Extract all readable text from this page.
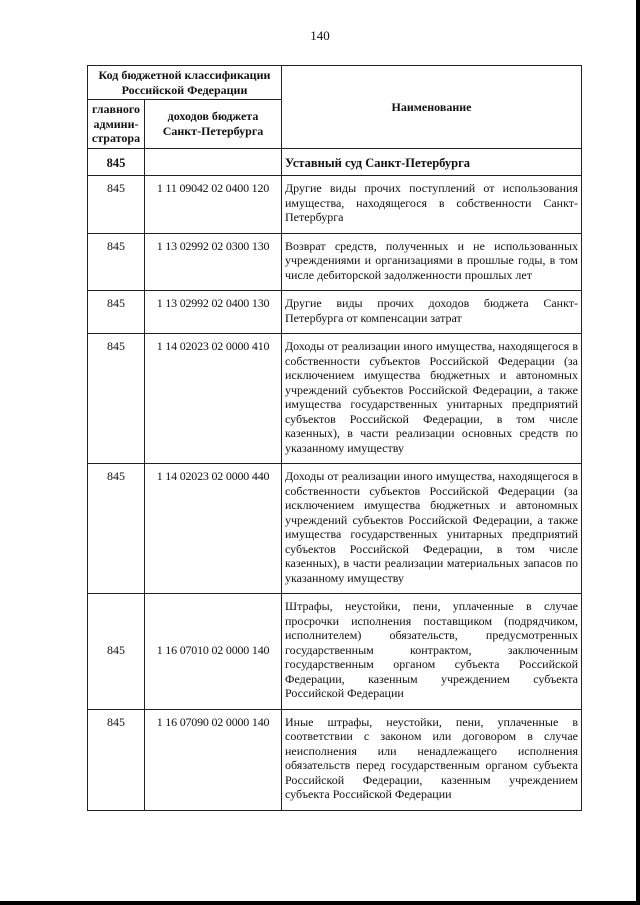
140
Код бюджетной классификации Российской Федерации		Наименование
главного админи-стратора	доходов бюджета Санкт-Петербурга	
845		Уставный суд Санкт-Петербурга
845	1 11 09042 02 0400 120	Другие виды прочих поступлений от использования имущества, находящегося в собственности Санкт-Петербурга
845	1 13 02992 02 0300 130	Возврат средств, полученных и не использованных учреждениями и организациями в прошлые годы, в том числе дебиторской задолженности прошлых лет
845	1 13 02992 02 0400 130	Другие виды прочих доходов бюджета Санкт-Петербурга от компенсации затрат
845	1 14 02023 02 0000 410	Доходы от реализации иного имущества, находящегося в собственности субъектов Российской Федерации (за исключением имущества бюджетных и автономных учреждений субъектов Российской Федерации, а также имущества государственных унитарных предприятий субъектов Российской Федерации, в том числе казенных), в части реализации основных средств по указанному имуществу
845	1 14 02023 02 0000 440	Доходы от реализации иного имущества, находящегося в собственности субъектов Российской Федерации (за исключением имущества бюджетных и автономных учреждений субъектов Российской Федерации, а также имущества государственных унитарных предприятий субъектов Российской Федерации, в том числе казенных), в части реализации материальных запасов по указанному имуществу
845	1 16 07010 02 0000 140	Штрафы, неустойки, пени, уплаченные в случае просрочки исполнения поставщиком (подрядчиком, исполнителем) обязательств, предусмотренных государственным контрактом, заключенным государственным органом субъекта Российской Федерации, казенным учреждением субъекта Российской Федерации
845	1 16 07090 02 0000 140	Иные штрафы, неустойки, пени, уплаченные в соответствии с законом или договором в случае неисполнения или ненадлежащего исполнения обязательств перед государственным органом субъекта Российской Федерации, казенным учреждением субъекта Российской Федерации
